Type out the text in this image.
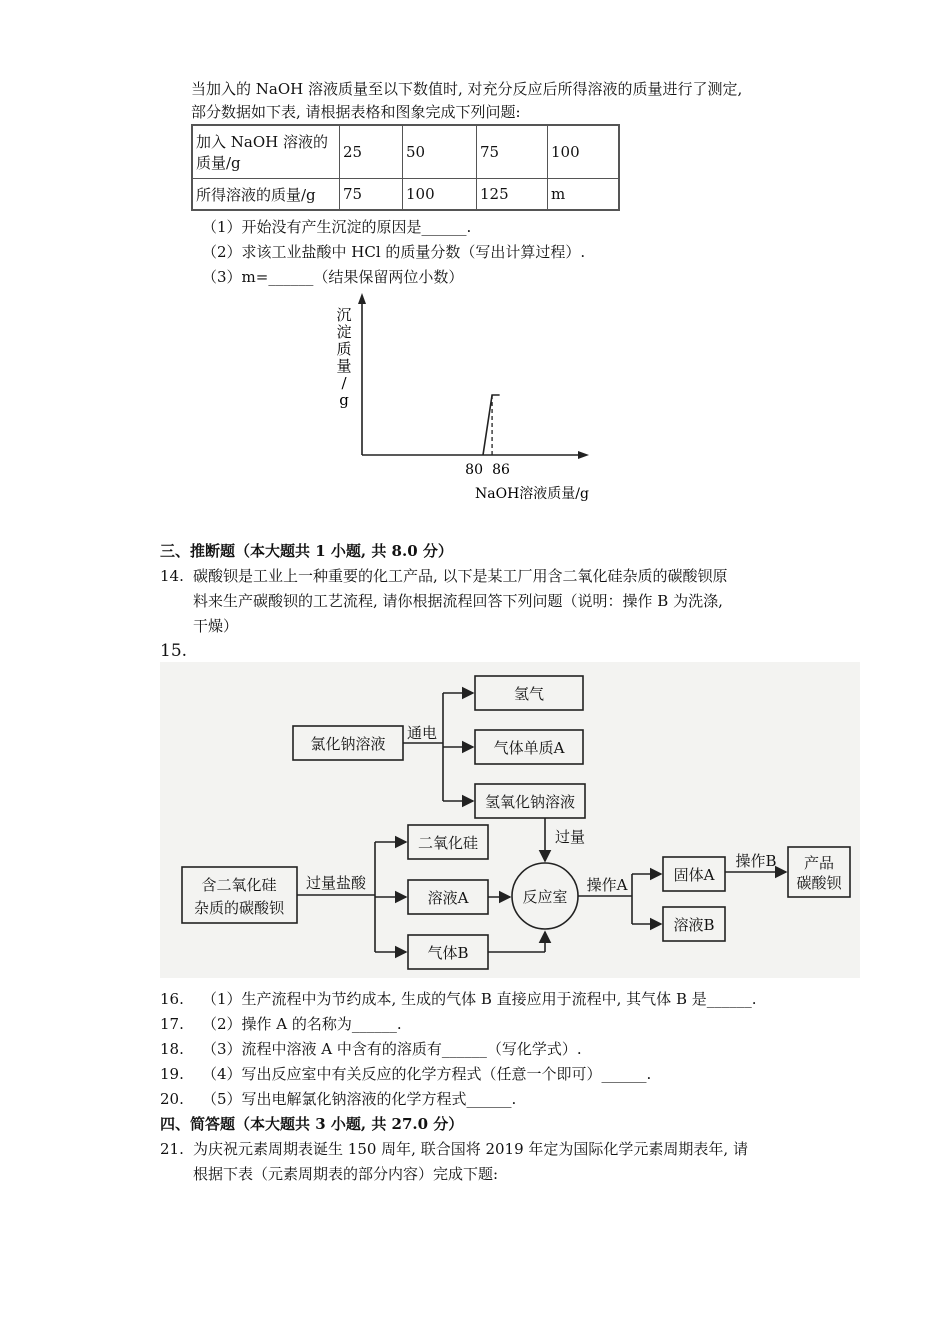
当加入的 NaOH 溶液质量至以下数值时, 对充分反应后所得溶液的质量进行了测定,
部分数据如下表, 请根据表格和图象完成下列问题:
加入 NaOH 溶液的
质量/g	25	50	75	100
所得溶液的质量/g	75	100	125	m
（1）开始没有产生沉淀的原因是______.
（2）求该工业盐酸中 HCl 的质量分数（写出计算过程）.
（3）m=______（结果保留两位小数）
沉
淀
质
量
/
g
80 86
NaOH溶液质量/g
三、推断题（本大题共 1 小题, 共 8.0 分）
14. 碳酸钡是工业上一种重要的化工产品, 以下是某工厂用含二氧化硅杂质的碳酸钡原
料来生产碳酸钡的工艺流程, 请你根据流程回答下列问题（说明：操作 B 为洗涤,
干燥）
15.
氯化钠溶液
通电
氢气
气体单质A
氢氧化钠溶液
过量
二氧化硅
溶液A
气体B
含二氧化硅
杂质的碳酸钡
过量盐酸
反应室
操作A
固体A
溶液B
操作B 产品
碳酸钡
16. （1）生产流程中为节约成本, 生成的气体 B 直接应用于流程中, 其气体 B 是______.
17. （2）操作 A 的名称为______.
18. （3）流程中溶液 A 中含有的溶质有______（写化学式）.
19. （4）写出反应室中有关反应的化学方程式（任意一个即可）______.
20. （5）写出电解氯化钠溶液的化学方程式______.
四、简答题（本大题共 3 小题, 共 27.0 分）
21. 为庆祝元素周期表诞生 150 周年, 联合国将 2019 年定为国际化学元素周期表年, 请
根据下表（元素周期表的部分内容）完成下题:
